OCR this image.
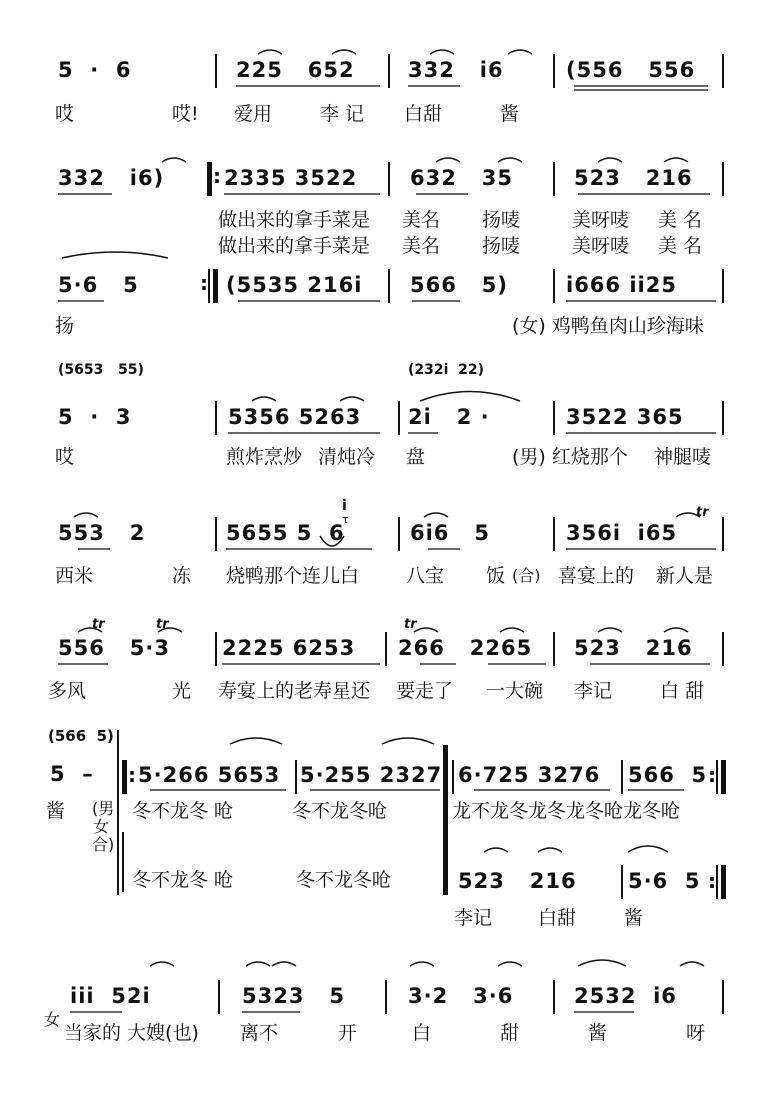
5  ·  6	225   652	332   i6	(556   556
哎	哎! 爱用	李 记 白甜	酱
332   i6) : 2335 3522	632   35	523   216
做出来的拿手菜是 美名 扬唛	美呀唛 美 名
做出来的拿手菜是 美名 扬唛	美呀唛 美 名
5·6   5	: (5535 216i 566   5)	i666 ii25
扬	(女) 鸡鸭鱼肉山珍海味
(5653   55)	(232i  22)
5  ·  3	5356 5263 2i   2 ·	3522 365
哎	煎炸烹炒 清炖冷 盘	(男) 红烧那个 神腿唛
i
τ	tr
553   2	5655 5  6	6i6   5	356i  i65
西米	冻 烧鸭那个连儿白 八宝 饭 (合) 喜宴上的 新人是
tr	tr	tr
556   5·3 2225 6253 266   2265 523   216
多风	光 寿宴上的老寿星还 要走了 一大碗 李记	白 甜
(566  5)
5  –
酱 (男女合)
: 5·266 5653 5·255 2327 6·725 3276 566  5 :
冬不龙冬 呛	冬不龙冬呛	龙不龙冬龙冬龙冬呛龙冬呛
冬不龙冬 呛	冬不龙冬呛	523   216 5·6  5 :
李记 白甜	酱
iii  52i	5323   5	3·2   3·6	2532  i6
女
当家的 大嫂(也) 离不	开	白	甜	酱	呀
